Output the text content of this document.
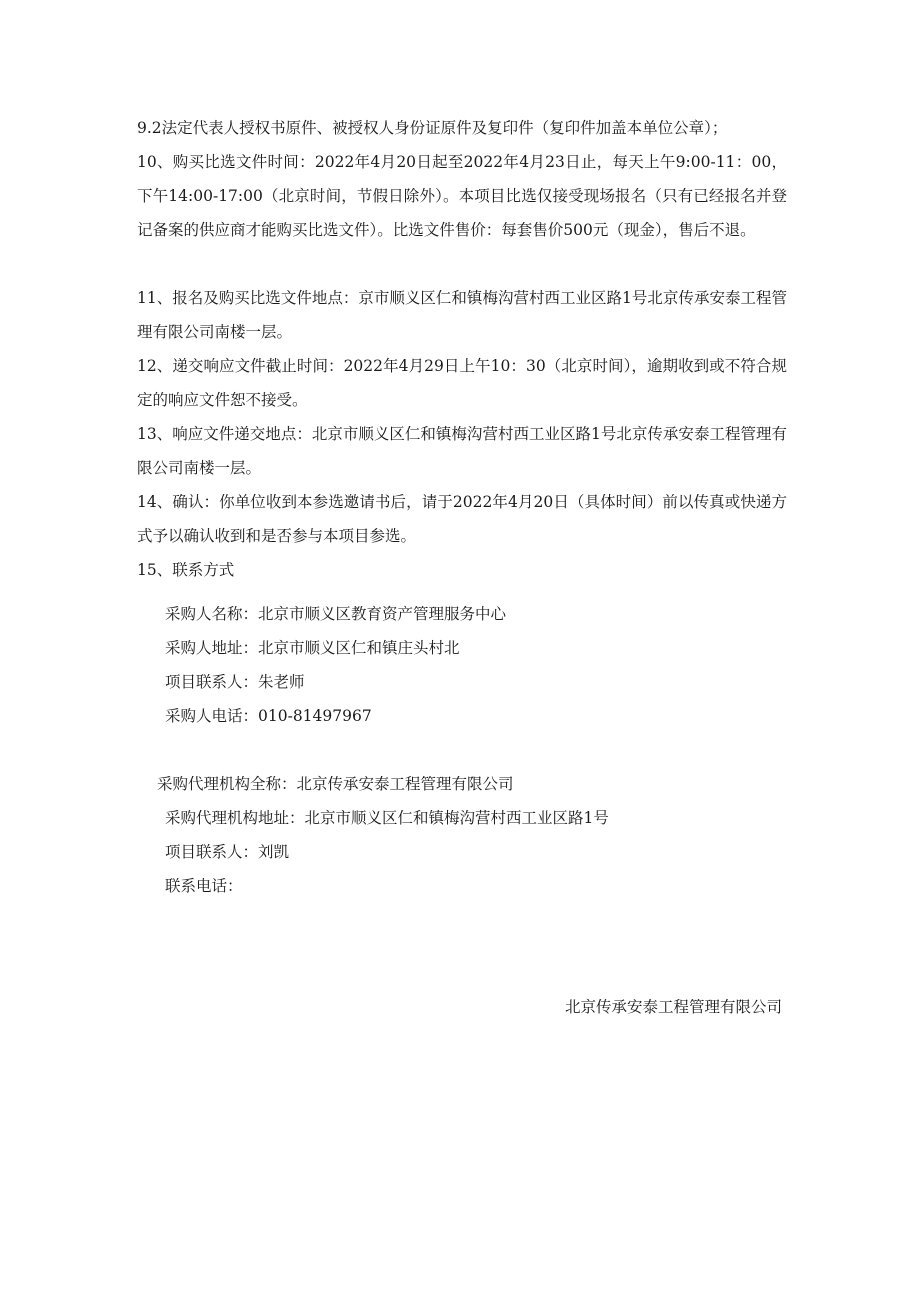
9.2法定代表人授权书原件、被授权人身份证原件及复印件（复印件加盖本单位公章）；
10、购买比选文件时间：2022年4月20日起至2022年4月23日止，每天上午9:00-11：00，下午14:00-17:00（北京时间，节假日除外）。本项目比选仅接受现场报名（只有已经报名并登记备案的供应商才能购买比选文件）。比选文件售价：每套售价500元（现金），售后不退。
11、报名及购买比选文件地点：京市顺义区仁和镇梅沟营村西工业区路1号北京传承安泰工程管理有限公司南楼一层。
12、递交响应文件截止时间：2022年4月29日上午10：30（北京时间），逾期收到或不符合规定的响应文件恕不接受。
13、响应文件递交地点：北京市顺义区仁和镇梅沟营村西工业区路1号北京传承安泰工程管理有限公司南楼一层。
14、确认：你单位收到本参选邀请书后，请于2022年4月20日（具体时间）前以传真或快递方式予以确认收到和是否参与本项目参选。
15、联系方式
采购人名称：北京市顺义区教育资产管理服务中心
采购人地址：北京市顺义区仁和镇庄头村北
项目联系人：朱老师
采购人电话：010-81497967
采购代理机构全称：北京传承安泰工程管理有限公司
采购代理机构地址：北京市顺义区仁和镇梅沟营村西工业区路1号
项目联系人：刘凯
联系电话：
北京传承安泰工程管理有限公司
